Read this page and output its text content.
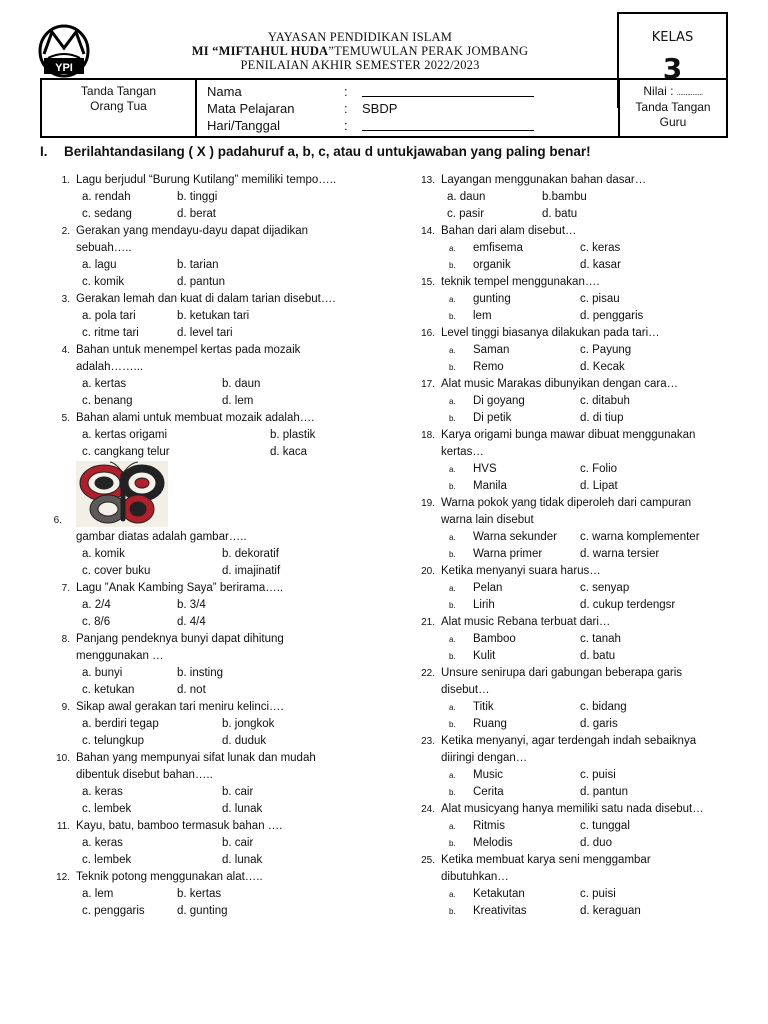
YPI
YAYASAN PENDIDIKAN ISLAM
MI “MIFTAHUL HUDA”TEMUWULAN PERAK JOMBANG
PENILAIAN AKHIR SEMESTER 2022/2023
KELAS
3
Tanda Tangan
Orang Tua
Nama	:
Mata Pelajaran	: SBDP
Hari/Tanggal	:
Nilai : ...............
Tanda Tangan
Guru
I. Berilahtandasilang ( X ) padahuruf a, b, c, atau d untukjawaban yang paling benar!
1. Lagu berjudul “Burung Kutilang” memiliki tempo…..
a. rendah	b. tinggi
c. sedang	d. berat
2. Gerakan yang mendayu-dayu dapat dijadikan
sebuah…..
a. lagu	b. tarian
c. komik	d. pantun
3. Gerakan lemah dan kuat di dalam tarian disebut….
a. pola tari	b. ketukan tari
c. ritme tari	d. level tari
4. Bahan untuk menempel kertas pada mozaik
adalah……...
a. kertas	b. daun
c. benang	d. lem
5. Bahan alami untuk membuat mozaik adalah….
a. kertas origami	b. plastik
c. cangkang telur	d. kaca
6.
gambar diatas adalah gambar…..
a. komik	b. dekoratif
c. cover buku	d. imajinatif
7. Lagu ”Anak Kambing Saya” berirama…..
a. 2/4	b. 3/4
c. 8/6	d. 4/4
8. Panjang pendeknya bunyi dapat dihitung
menggunakan …
a. bunyi	b. insting
c. ketukan	d. not
9. Sikap awal gerakan tari meniru kelinci….
a. berdiri tegap	b. jongkok
c. telungkup	d. duduk
10. Bahan yang mempunyai sifat lunak dan mudah
dibentuk disebut bahan…..
a. keras	b. cair
c. lembek	d. lunak
11. Kayu, batu, bamboo termasuk bahan ….
a. keras	b. cair
c. lembek	d. lunak
12. Teknik potong menggunakan alat…..
a. lem	b. kertas
c. penggaris	d. gunting
13. Layangan menggunakan bahan dasar…
a. daun	b.bambu
c. pasir	d. batu
14. Bahan dari alam disebut…
a. emfisema	c. keras
b. organik	d. kasar
15. teknik tempel menggunakan….
a. gunting	c. pisau
b. lem	d. penggaris
16. Level tinggi biasanya dilakukan pada tari…
a. Saman	c. Payung
b. Remo	d. Kecak
17. Alat music Marakas dibunyikan dengan cara…
a. Di goyang	c. ditabuh
b. Di petik	d. di tiup
18. Karya origami bunga mawar dibuat menggunakan
kertas…
a. HVS	c. Folio
b. Manila	d. Lipat
19. Warna pokok yang tidak diperoleh dari campuran
warna lain disebut
a. Warna sekunder c. warna komplementer
b. Warna primer	d. warna tersier
20. Ketika menyanyi suara harus…
a. Pelan	c. senyap
b. Lirih	d. cukup terdengsr
21. Alat music Rebana terbuat dari…
a. Bamboo	c. tanah
b. Kulit	d. batu
22. Unsure senirupa dari gabungan beberapa garis
disebut…
a. Titik	c. bidang
b. Ruang	d. garis
23. Ketika menyanyi, agar terdengah indah sebaiknya
diiringi dengan…
a. Music	c. puisi
b. Cerita	d. pantun
24. Alat musicyang hanya memiliki satu nada disebut…
a. Ritmis	c. tunggal
b. Melodis	d. duo
25. Ketika membuat karya seni menggambar
dibutuhkan…
a. Ketakutan	c. puisi
b. Kreativitas	d. keraguan
